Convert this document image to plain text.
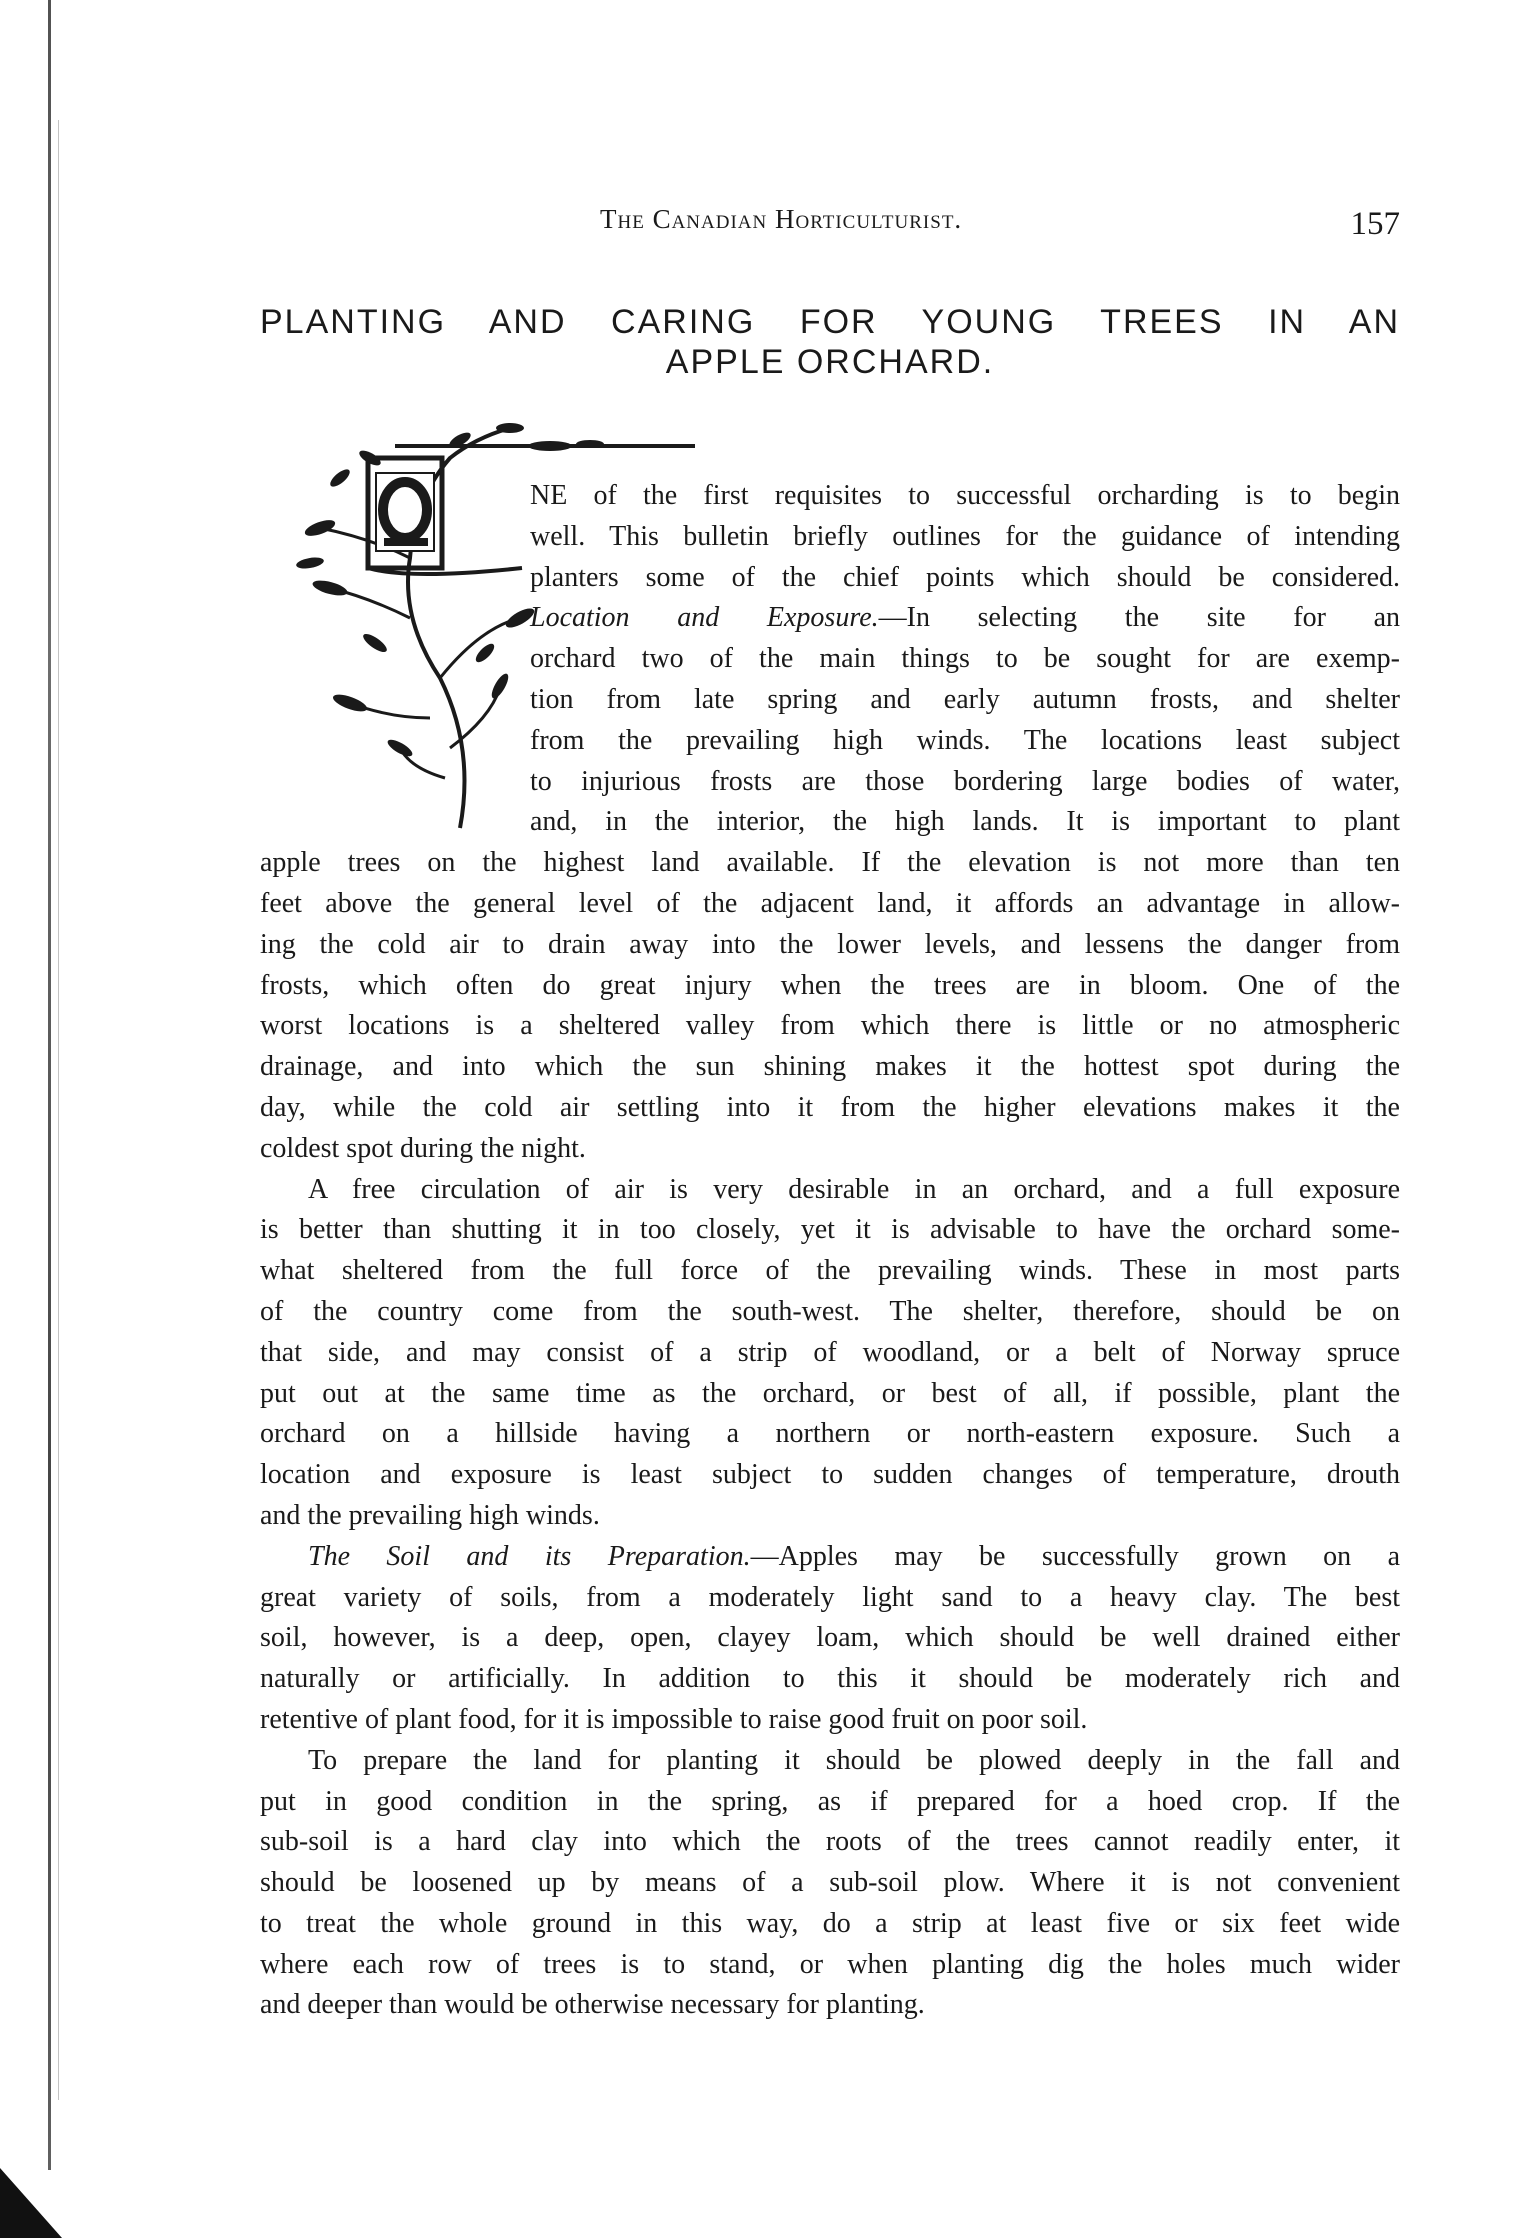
The Canadian Horticulturist.	157
PLANTING AND CARING FOR YOUNG TREES IN AN
APPLE ORCHARD.

NE of the first requisites to successful orcharding is to begin
well. This bulletin briefly outlines for the guidance of intending
planters some of the chief points which should be considered.

Location and Exposure.—In selecting the site for an
orchard two of the main things to be sought for are exemp-
tion from late spring and early autumn frosts, and shelter
from the prevailing high winds. The locations least subject
to injurious frosts are those bordering large bodies of water,
and, in the interior, the high lands. It is important to plant
apple trees on the highest land available. If the elevation is not more than ten
feet above the general level of the adjacent land, it affords an advantage in allow-
ing the cold air to drain away into the lower levels, and lessens the danger from
frosts, which often do great injury when the trees are in bloom. One of the
worst locations is a sheltered valley from which there is little or no atmospheric
drainage, and into which the sun shining makes it the hottest spot during the
day, while the cold air settling into it from the higher elevations makes it the
coldest spot during the night.

A free circulation of air is very desirable in an orchard, and a full exposure
is better than shutting it in too closely, yet it is advisable to have the orchard some-
what sheltered from the full force of the prevailing winds. These in most parts
of the country come from the south-west. The shelter, therefore, should be on
that side, and may consist of a strip of woodland, or a belt of Norway spruce
put out at the same time as the orchard, or best of all, if possible, plant the
orchard on a hillside having a northern or north-eastern exposure. Such a
location and exposure is least subject to sudden changes of temperature, drouth
and the prevailing high winds.

The Soil and its Preparation.—Apples may be successfully grown on a
great variety of soils, from a moderately light sand to a heavy clay. The best
soil, however, is a deep, open, clayey loam, which should be well drained either
naturally or artificially. In addition to this it should be moderately rich and
retentive of plant food, for it is impossible to raise good fruit on poor soil.

To prepare the land for planting it should be plowed deeply in the fall and
put in good condition in the spring, as if prepared for a hoed crop. If the
sub-soil is a hard clay into which the roots of the trees cannot readily enter, it
should be loosened up by means of a sub-soil plow. Where it is not convenient
to treat the whole ground in this way, do a strip at least five or six feet wide
where each row of trees is to stand, or when planting dig the holes much wider
and deeper than would be otherwise necessary for planting.
